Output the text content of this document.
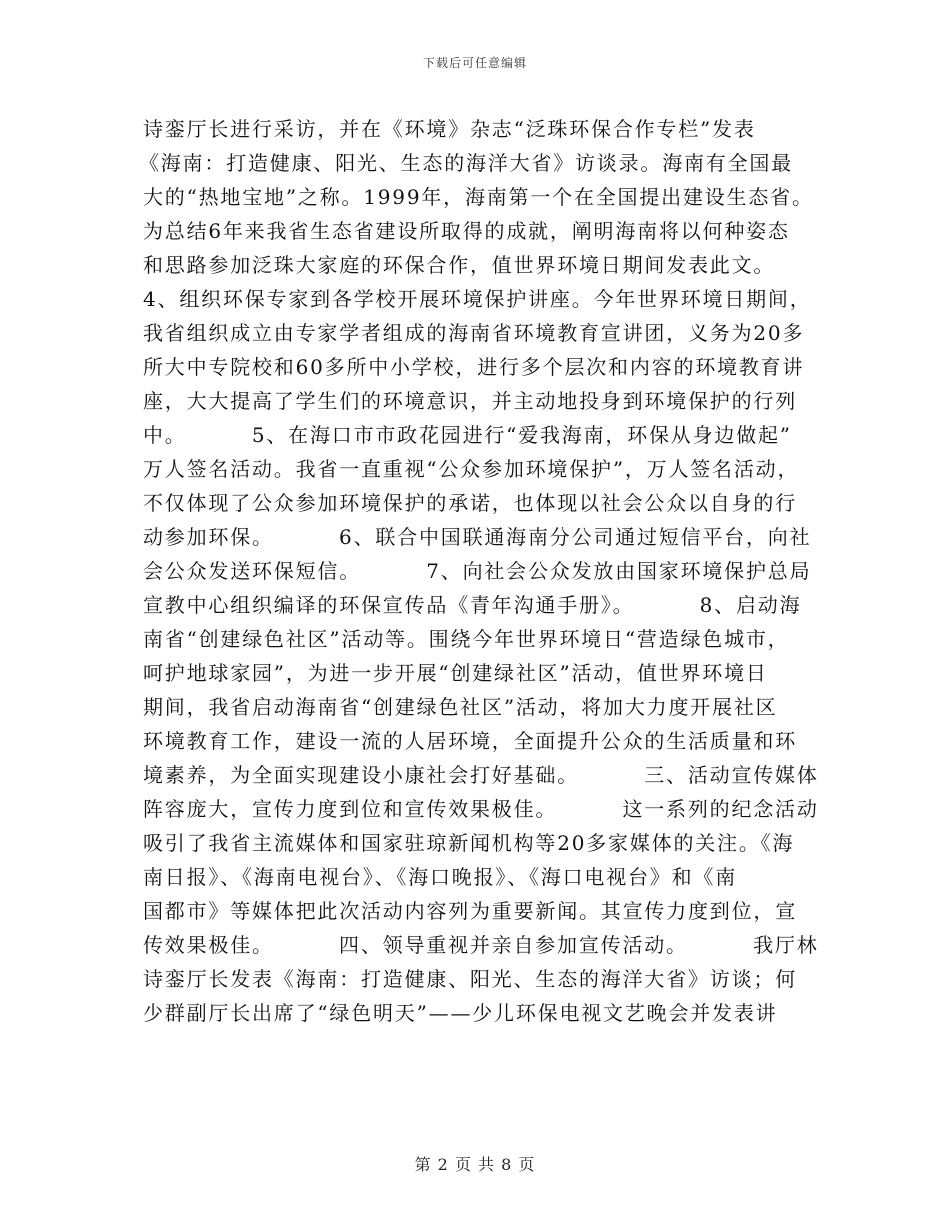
下载后可任意编辑
诗銮厅长进行采访，并在《环境》杂志“泛珠环保合作专栏”发表
《海南：打造健康、阳光、生态的海洋大省》访谈录。海南有全国最
大的“热地宝地”之称。1999年，海南第一个在全国提出建设生态省。
为总结6年来我省生态省建设所取得的成就，阐明海南将以何种姿态
和思路参加泛珠大家庭的环保合作，值世界环境日期间发表此文。
4、组织环保专家到各学校开展环境保护讲座。今年世界环境日期间，
我省组织成立由专家学者组成的海南省环境教育宣讲团，义务为20多
所大中专院校和60多所中小学校，进行多个层次和内容的环境教育讲
座，大大提高了学生们的环境意识，并主动地投身到环境保护的行列
中。        5、在海口市市政花园进行“爱我海南，环保从身边做起”
万人签名活动。我省一直重视“公众参加环境保护”，万人签名活动，
不仅体现了公众参加环境保护的承诺，也体现以社会公众以自身的行
动参加环保。        6、联合中国联通海南分公司通过短信平台，向社
会公众发送环保短信。        7、向社会公众发放由国家环境保护总局
宣教中心组织编译的环保宣传品《青年沟通手册》。        8、启动海
南省“创建绿色社区”活动等。围绕今年世界环境日“营造绿色城市，
呵护地球家园”，为进一步开展“创建绿社区”活动，值世界环境日
期间，我省启动海南省“创建绿色社区”活动，将加大力度开展社区
环境教育工作，建设一流的人居环境，全面提升公众的生活质量和环
境素养，为全面实现建设小康社会打好基础。        三、活动宣传媒体
阵容庞大，宣传力度到位和宣传效果极佳。        这一系列的纪念活动
吸引了我省主流媒体和国家驻琼新闻机构等20多家媒体的关注。《海
南日报》、《海南电视台》、《海口晚报》、《海口电视台》和《南
国都市》等媒体把此次活动内容列为重要新闻。其宣传力度到位，宣
传效果极佳。        四、领导重视并亲自参加宣传活动。        我厅林
诗銮厅长发表《海南：打造健康、阳光、生态的海洋大省》访谈；何
少群副厅长出席了“绿色明天”——少儿环保电视文艺晚会并发表讲
第 2 页 共 8 页
